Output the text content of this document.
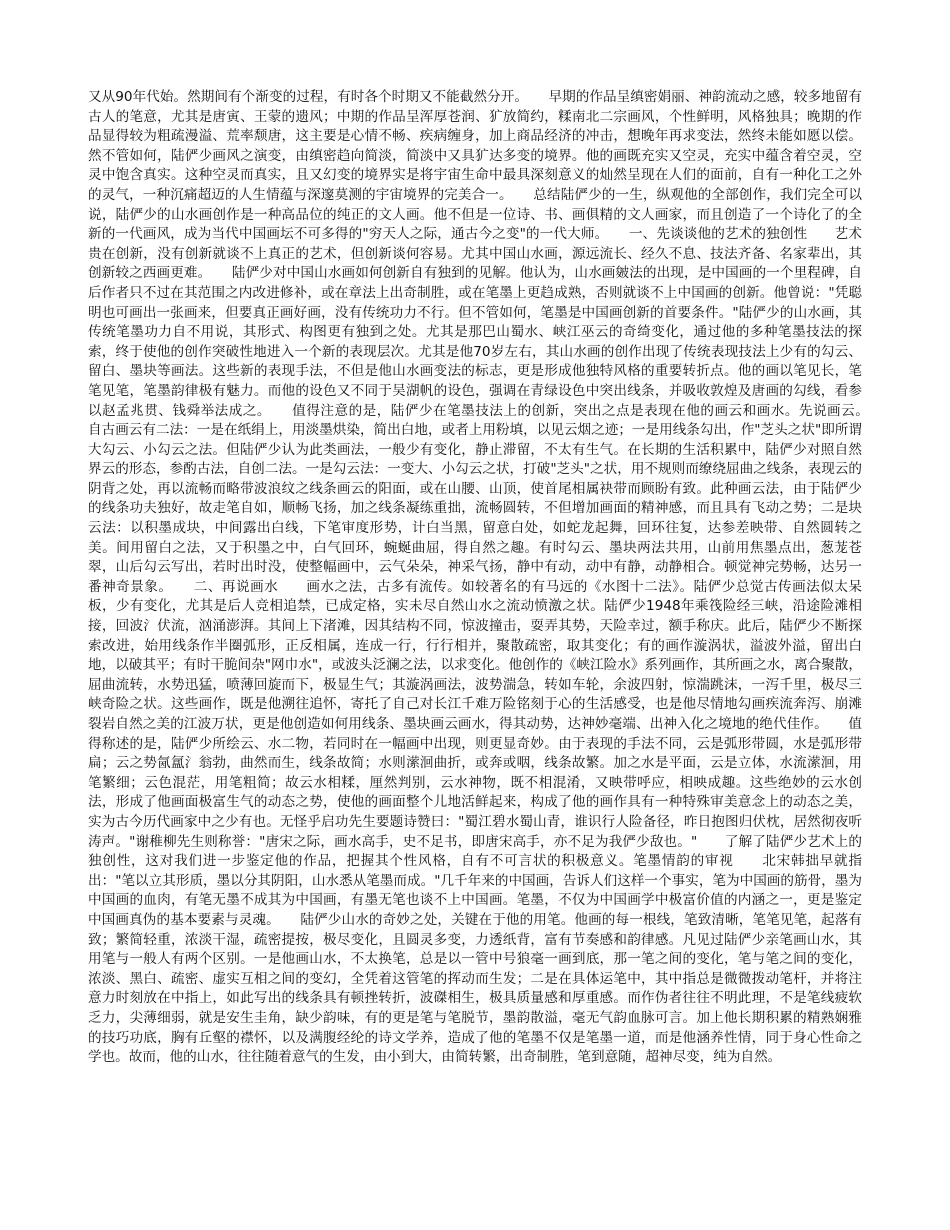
又从90年代始。然期间有个渐变的过程，有时各个时期又不能截然分开。　　早期的作品呈缜密娟丽、神韵流动之感，较多地留有古人的笔意，尤其是唐寅、王蒙的遗风；中期的作品呈浑厚苍润、犷放简约，糅南北二宗画风，个性鲜明，风格独具；晚期的作品显得较为粗疏漫溢、荒率颓唐，这主要是心情不畅、疾病缠身，加上商品经济的冲击，想晚年再求变法，然终未能如愿以偿。然不管如何，陆俨少画风之演变，由缜密趋向简淡，简淡中又具犷达多变的境界。他的画既充实又空灵，充实中蕴含着空灵，空灵中饱含真实。这种空灵而真实，且又幻变的境界实是将宇宙生命中最具深刻意义的灿然呈现在人们的面前，自有一种化工之外的灵气，一种沉痛超迈的人生情蕴与深邃莫测的宇宙境界的完美合一。　　总结陆俨少的一生，纵观他的全部创作，我们完全可以说，陆俨少的山水画创作是一种高品位的纯正的文人画。他不但是一位诗、书、画俱精的文人画家，而且创造了一个诗化了的全新的一代画风，成为当代中国画坛不可多得的"穷天人之际，通古今之变"的一代大师。　　一、先谈谈他的艺术的独创性　　艺术贵在创新，没有创新就谈不上真正的艺术，但创新谈何容易。尤其中国山水画，源远流长、经久不息、技法齐备、名家辈出，其创新较之西画更难。　　陆俨少对中国山水画如何创新自有独到的见解。他认为，山水画皴法的出现，是中国画的一个里程碑，自后作者只不过在其范围之内改进修补，或在章法上出奇制胜，或在笔墨上更趋成熟，否则就谈不上中国画的创新。他曾说："凭聪明也可画出一张画来，但要真正画好画，没有传统功力不行。但不管如何，笔墨是中国画创新的首要条件。"陆俨少的山水画，其传统笔墨功力自不用说，其形式、构图更有独到之处。尤其是那巴山蜀水、峡江巫云的奇绮变化，通过他的多种笔墨技法的探索，终于使他的创作突破性地进入一个新的表现层次。尤其是他70岁左右，其山水画的创作出现了传统表现技法上少有的勾云、留白、墨块等画法。这些新的表现手法，不但是他山水画变法的标志，更是形成他独特风格的重要转折点。他的画以笔见长，笔笔见笔，笔墨韵律极有魅力。而他的设色又不同于吴湖帆的设色，强调在青绿设色中突出线条，并吸收敦煌及唐画的勾线，看参以赵孟兆贯、钱舜举法成之。　　值得注意的是，陆俨少在笔墨技法上的创新，突出之点是表现在他的画云和画水。先说画云。　　自古画云有二法：一是在纸绢上，用淡墨烘染，简出白地，或者上用粉填，以见云烟之迹；一是用线条勾出，作"芝头之状"即所谓大勾云、小勾云之法。但陆俨少认为此类画法，一般少有变化，静止滞留，不太有生气。在长期的生活积累中，陆俨少对照自然界云的形态，参酌古法，自创二法。一是勾云法：一变大、小勾云之状，打破"芝头"之状，用不规则而缭绕屈曲之线条，表现云的阴背之处，再以流畅而略带波浪纹之线条画云的阳面，或在山腰、山顶，使首尾相属袂带而顾盼有致。此种画云法，由于陆俨少的线条功夫独好，故走笔自如，顺畅飞扬，加之线条凝练重拙，流畅圆转，不但增加画面的精神感，而且具有飞动之势；二是块云法：以积墨成块，中间露出白线，下笔审度形势，计白当黑，留意白处，如蛇龙起舞，回环往复，达参差映带、自然圆转之美。间用留白之法，又于积墨之中，白气回环，蜿蜒曲屈，得自然之趣。有时勾云、墨块两法共用，山前用焦墨点出，葱茏苍翠，山后勾云写出，若时出时没，使整幅画中，云气朵朵，神采气扬，静中有动，动中有静，动静相合。顿觉神完势畅，达另一番神奇景象。　　二、再说画水　　画水之法，古多有流传。如较著名的有马远的《水图十二法》。陆俨少总觉古传画法似太呆板，少有变化，尤其是后人竞相追禁，已成定格，实未尽自然山水之流动愤激之状。陆俨少1948年乘筏险经三峡，沿途险滩相接，回波氵伏流，汹涌澎湃。其间上下渚滩，因其结构不同，惊波撞击，耍弄其势，天险幸过，额手称庆。此后，陆俨少不断探索改进，始用线条作半圈弧形，正反相属，连成一行，行行相并，聚散疏密，取其变化；有的画作漩涡状，溢波外溢，留出白地，以破其平；有时干脆间杂"网巾水"，或波头泛澜之法，以求变化。他创作的《峡江险水》系列画作，其所画之水，离合聚散，屈曲流转，水势迅猛，喷薄回旋而下，极显生气；其漩涡画法，波势湍急，转如车轮，余波四射，惊湍跳沫，一泻千里，极尽三峡奇险之状。这些画作，既是他溯往追怀，寄托了自己对长江千难万险铭刻于心的生活感受，也是他尽情地勾画疾流奔泻、崩滩裂岩自然之美的江波万状，更是他创造如何用线条、墨块画云画水，得其动势，达神妙毫端、出神入化之境地的绝代佳作。　　值得称述的是，陆俨少所绘云、水二物，若同时在一幅画中出现，则更显奇妙。由于表现的手法不同，云是弧形带圆，水是弧形带扁；云之势氤氲氵翁勃，曲然而生，线条故简；水则潆洄曲折，或奔或咽，线条故繁。加之水是平面，云是立体，水流潆洄，用笔繁细；云色混茫，用笔粗简；故云水相糅，厘然判别，云水神物，既不相混淆，又映带呼应，相映成趣。这些绝妙的云水创法，形成了他画面极富生气的动态之势，使他的画面整个儿地活鲜起来，构成了他的画作具有一种特殊审美意念上的动态之美，实为古今历代画家中之少有也。无怪乎启功先生要题诗赞曰："蜀江碧水蜀山青，谁识行人险备径，昨日抱图归伏枕，居然彻夜听涛声。"谢稚柳先生则称誉："唐宋之际，画水高手，史不足书，即唐宋高手，亦不足为我俨少敌也。"　　了解了陆俨少艺术上的独创性，这对我们进一步鉴定他的作品，把握其个性风格，自有不可言状的积极意义。笔墨情韵的审视　　北宋韩拙早就指出："笔以立其形质，墨以分其阴阳，山水悉从笔墨而成。"几千年来的中国画，告诉人们这样一个事实，笔为中国画的筋骨，墨为中国画的血肉，有笔无墨不成其为中国画，有墨无笔也谈不上中国画。笔墨，不仅为中国画学中极富价值的内涵之一，更是鉴定中国画真伪的基本要素与灵魂。　　陆俨少山水的奇妙之处，关键在于他的用笔。他画的每一根线，笔致清晰，笔笔见笔，起落有致；繁简轻重，浓淡干湿，疏密提按，极尽变化，且圆灵多变，力透纸背，富有节奏感和韵律感。凡见过陆俨少亲笔画山水，其用笔与一般人有两个区别。一是他画山水，不太换笔，总是以一管中号狼毫一画到底，那一笔之间的变化，笔与笔之间的变化，浓淡、黑白、疏密、虚实互相之间的变幻，全凭着这管笔的挥动而生发；二是在具体运笔中，其中指总是微微拨动笔杆，并将注意力时刻放在中指上，如此写出的线条具有顿挫转折，波磔相生，极具质量感和厚重感。而作伪者往往不明此理，不是笔线疲软乏力，尖薄细弱，就是安生圭角，缺少韵味，有的更是笔与笔脱节，墨韵散溢，毫无气韵血脉可言。加上他长期积累的精熟娴雅的技巧功底，胸有丘壑的襟怀，以及满腹经纶的诗文学养，造成了他的笔墨不仅是笔墨一道，而是他涵养性情，同于身心性命之学也。故而，他的山水，往往随着意气的生发，由小到大，由简转繁，出奇制胜，笔到意随，超神尽变，纯为自然。
